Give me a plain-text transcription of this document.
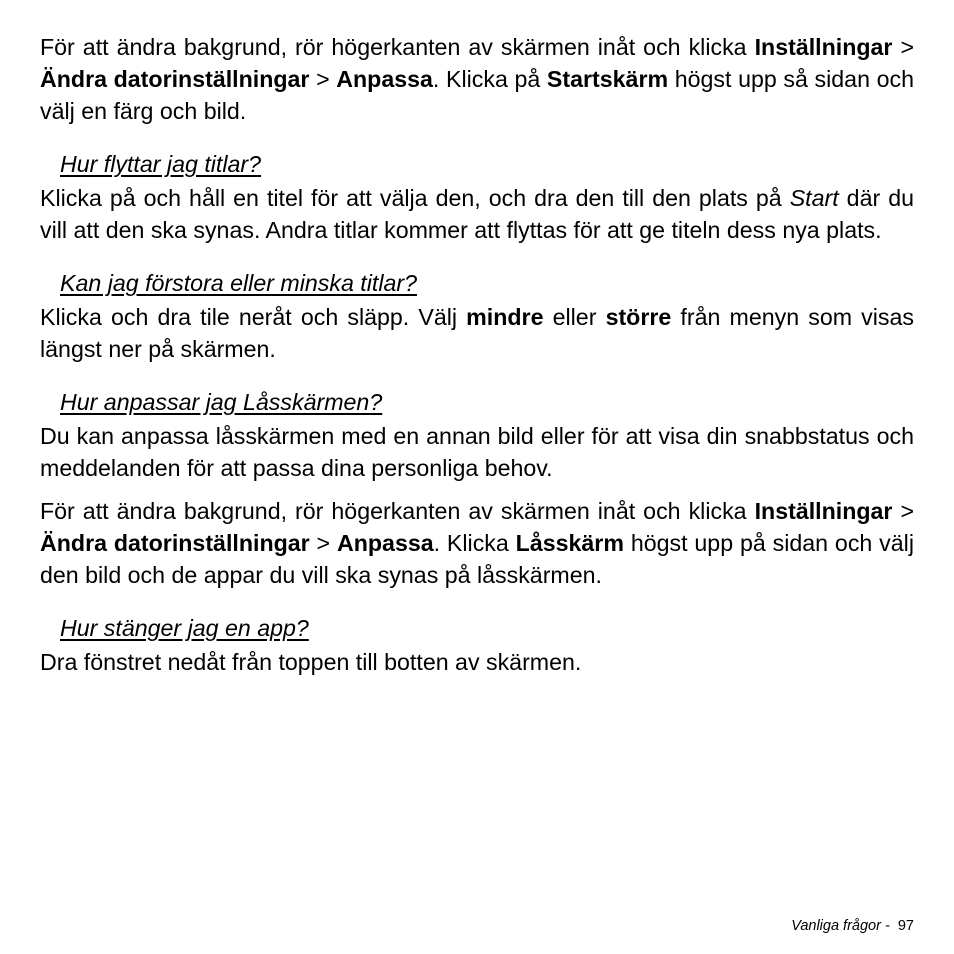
För att ändra bakgrund, rör högerkanten av skärmen inåt och klicka Inställningar > Ändra datorinställningar > Anpassa. Klicka på Startskärm högst upp så sidan och välj en färg och bild.

Hur flyttar jag titlar?

Klicka på och håll en titel för att välja den, och dra den till den plats på Start där du vill att den ska synas. Andra titlar kommer att flyttas för att ge titeln dess nya plats.

Kan jag förstora eller minska titlar?

Klicka och dra tile neråt och släpp. Välj mindre eller större från menyn som visas längst ner på skärmen.

Hur anpassar jag Låsskärmen?

Du kan anpassa låsskärmen med en annan bild eller för att visa din snabbstatus och meddelanden för att passa dina personliga behov.

För att ändra bakgrund, rör högerkanten av skärmen inåt och klicka Inställningar > Ändra datorinställningar > Anpassa. Klicka Låsskärm högst upp på sidan och välj den bild och de appar du vill ska synas på låsskärmen.

Hur stänger jag en app?

Dra fönstret nedåt från toppen till botten av skärmen.

Vanliga frågor -  97
